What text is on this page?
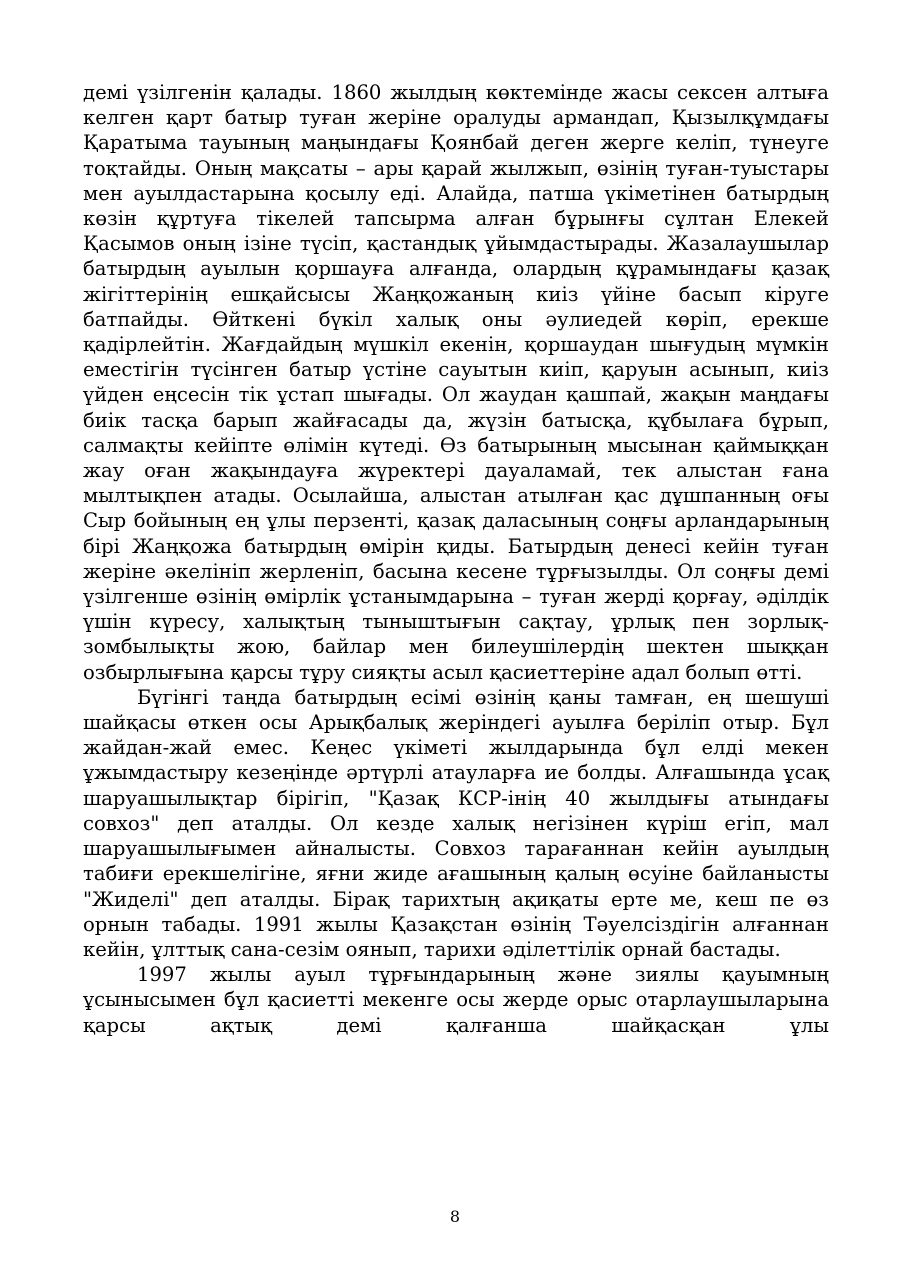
демі үзілгенін қалады. 1860 жылдың көктемінде жасы сексен алтыға келген қарт батыр туған жеріне оралуды армандап, Қызылқұмдағы Қаратыма тауының маңындағы Қоянбай деген жерге келіп, түнеуге тоқтайды. Оның мақсаты – ары қарай жылжып, өзінің туған-туыстары мен ауылдастарына қосылу еді. Алайда, патша үкіметінен батырдың көзін құртуға тікелей тапсырма алған бұрынғы сұлтан Елекей Қасымов оның ізіне түсіп, қастандық ұйымдастырады. Жазалаушылар батырдың ауылын қоршауға алғанда, олардың құрамындағы қазақ жігіттерінің ешқайсысы Жаңқожаның киіз үйіне басып кіруге батпайды. Өйткені бүкіл халық оны әулиедей көріп, ерекше қадірлейтін. Жағдайдың мүшкіл екенін, қоршаудан шығудың мүмкін еместігін түсінген батыр үстіне сауытын киіп, қаруын асынып, киіз үйден еңсесін тік ұстап шығады. Ол жаудан қашпай, жақын маңдағы биік тасқа барып жайғасады да, жүзін батысқа, құбылаға бұрып, салмақты кейіпте өлімін күтеді. Өз батырының мысынан қаймыққан жау оған жақындауға жүректері дауаламай, тек алыстан ғана мылтықпен атады. Осылайша, алыстан атылған қас дұшпанның оғы Сыр бойының ең ұлы перзенті, қазақ даласының соңғы арландарының бірі Жаңқожа батырдың өмірін қиды. Батырдың денесі кейін туған жеріне әкелініп жерленіп, басына кесене тұрғызылды. Ол соңғы демі үзілгенше өзінің өмірлік ұстанымдарына – туған жерді қорғау, әділдік үшін күресу, халықтың тыныштығын сақтау, ұрлық пен зорлық-зомбылықты жою, байлар мен билеушілердің шектен шыққан озбырлығына қарсы тұру сияқты асыл қасиеттеріне адал болып өтті.

Бүгінгі таңда батырдың есімі өзінің қаны тамған, ең шешуші шайқасы өткен осы Арықбалық жеріндегі ауылға беріліп отыр. Бұл жайдан-жай емес. Кеңес үкіметі жылдарында бұл елді мекен ұжымдастыру кезеңінде әртүрлі атауларға ие болды. Алғашында ұсақ шаруашылықтар бірігіп, "Қазақ КСР-інің 40 жылдығы атындағы совхоз" деп аталды. Ол кезде халық негізінен күріш егіп, мал шаруашылығымен айналысты. Совхоз тарағаннан кейін ауылдың табиғи ерекшелігіне, яғни жиде ағашының қалың өсуіне байланысты "Жиделі" деп аталды. Бірақ тарихтың ақиқаты ерте ме, кеш пе өз орнын табады. 1991 жылы Қазақстан өзінің Тәуелсіздігін алғаннан кейін, ұлттық сана-сезім оянып, тарихи әділеттілік орнай бастады.

1997 жылы ауыл тұрғындарының және зиялы қауымның ұсынысымен бұл қасиетті мекенге осы жерде орыс отарлаушыларына қарсы ақтық демі қалғанша шайқасқан ұлы

8
